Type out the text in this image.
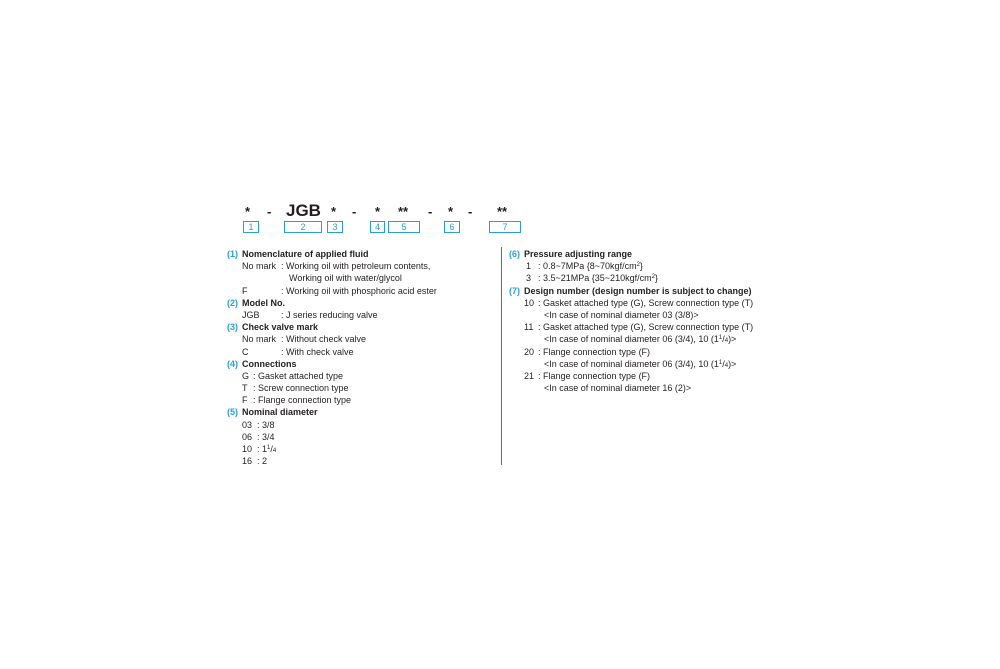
* - JGB * - * ** - * - **
1	2	3	4	5	6	7
(1) Nomenclature of applied fluid
No mark : Working oil with petroleum contents,
Working oil with water/glycol
F	: Working oil with phosphoric acid ester
(2) Model No.
JGB : J series reducing valve
(3) Check valve mark
No mark : Without check valve
C	: With check valve
(4) Connections
G : Gasket attached type
T : Screw connection type
F : Flange connection type
(5) Nominal diameter
03 : 3/8
06 : 3/4
10 : $1^1/4$
16 : 2
(6) Pressure adjusting range
1 : 0.8~7MPa $\{8\sim 70kgf/cm^2\}$
3 : 3.5~21MPa $\{35\sim 210kgf/cm^2\}$
(7) Design number (design number is subject to change)
10 : Gasket attached type (G), Screw connection type (T)
<In case of nominal diameter 03 (3/8)>
11 : Gasket attached type (G), Screw connection type (T)
<In case of nominal diameter 06 (3/4), 10 $(1^1/4)>$
20 : Flange connection type (F)
<In case of nominal diameter 06 (3/4), 10 $(1^1/4)>$
21 : Flange connection type (F)
<In case of nominal diameter 16 (2)>
